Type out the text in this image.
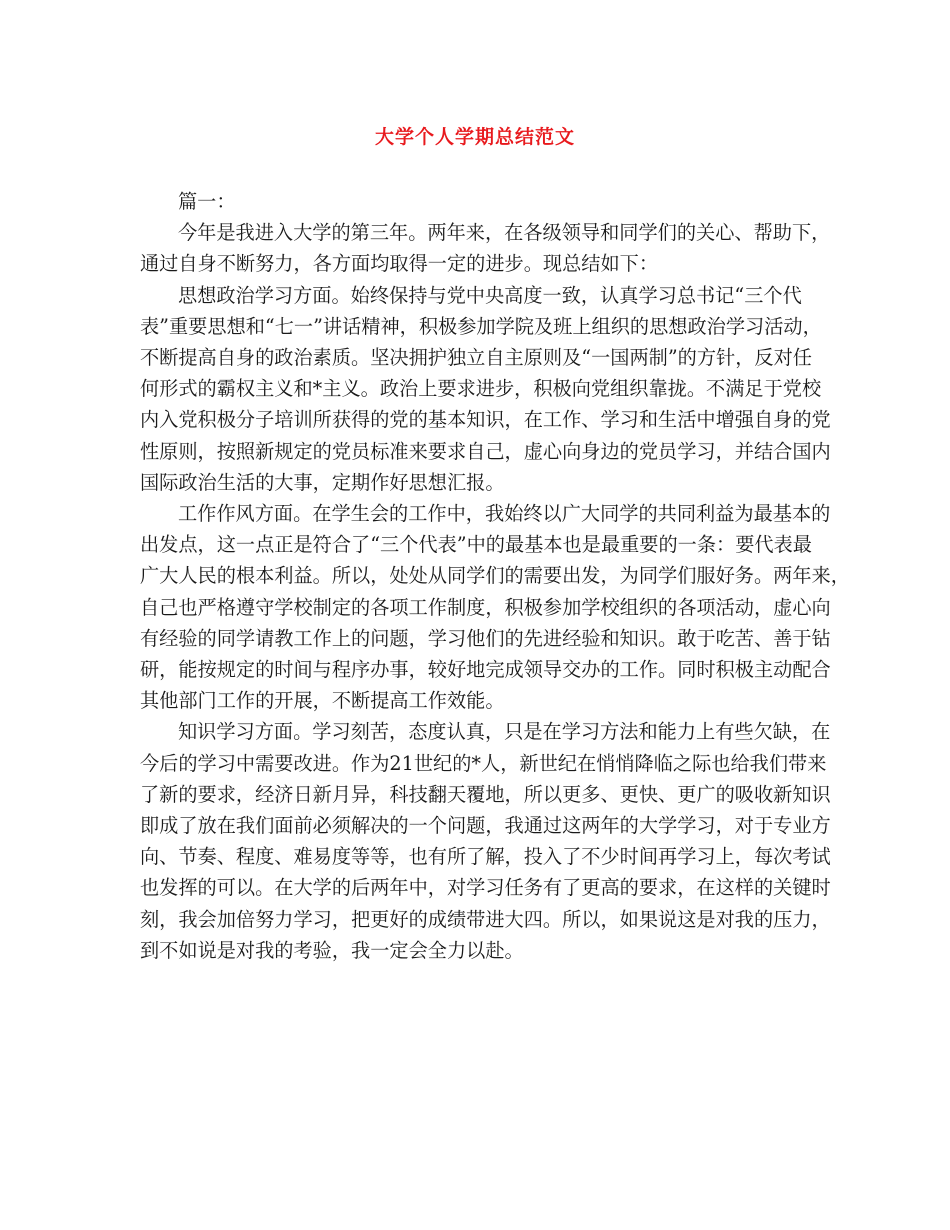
大学个人学期总结范文
篇一：
今年是我进入大学的第三年。两年来，在各级领导和同学们的关心、帮助下，
通过自身不断努力，各方面均取得一定的进步。现总结如下：
思想政治学习方面。始终保持与党中央高度一致，认真学习总书记“三个代
表”重要思想和“七一”讲话精神，积极参加学院及班上组织的思想政治学习活动，
不断提高自身的政治素质。坚决拥护独立自主原则及“一国两制”的方针，反对任
何形式的霸权主义和*主义。政治上要求进步，积极向党组织靠拢。不满足于党校
内入党积极分子培训所获得的党的基本知识，在工作、学习和生活中增强自身的党
性原则，按照新规定的党员标准来要求自己，虚心向身边的党员学习，并结合国内
国际政治生活的大事，定期作好思想汇报。
工作作风方面。在学生会的工作中，我始终以广大同学的共同利益为最基本的
出发点，这一点正是符合了“三个代表”中的最基本也是最重要的一条：要代表最
广大人民的根本利益。所以，处处从同学们的需要出发，为同学们服好务。两年来，
自己也严格遵守学校制定的各项工作制度，积极参加学校组织的各项活动，虚心向
有经验的同学请教工作上的问题，学习他们的先进经验和知识。敢于吃苦、善于钻
研，能按规定的时间与程序办事，较好地完成领导交办的工作。同时积极主动配合
其他部门工作的开展，不断提高工作效能。
知识学习方面。学习刻苦，态度认真，只是在学习方法和能力上有些欠缺，在
今后的学习中需要改进。作为21世纪的*人，新世纪在悄悄降临之际也给我们带来
了新的要求，经济日新月异，科技翻天覆地，所以更多、更快、更广的吸收新知识
即成了放在我们面前必须解决的一个问题，我通过这两年的大学学习，对于专业方
向、节奏、程度、难易度等等，也有所了解，投入了不少时间再学习上，每次考试
也发挥的可以。在大学的后两年中，对学习任务有了更高的要求，在这样的关键时
刻，我会加倍努力学习，把更好的成绩带进大四。所以，如果说这是对我的压力，
到不如说是对我的考验，我一定会全力以赴。
